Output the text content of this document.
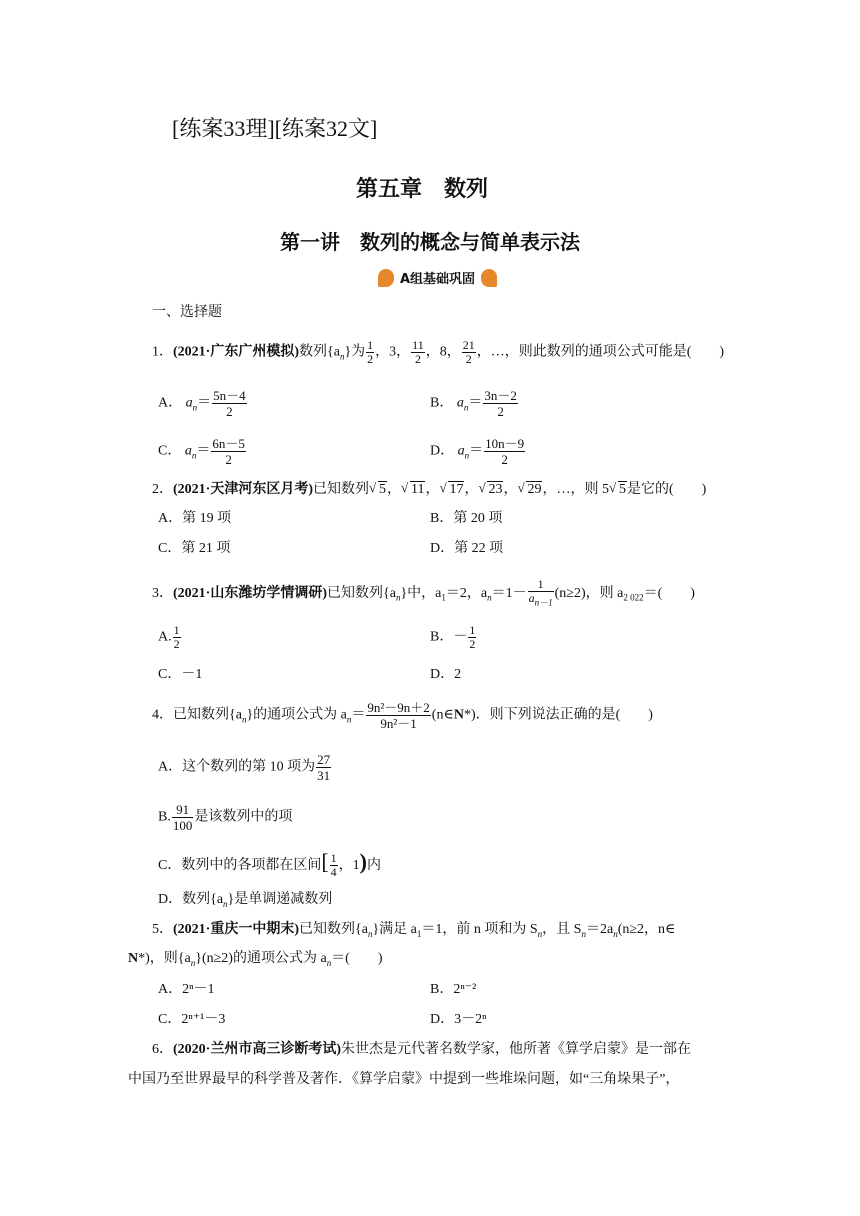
[练案33理][练案32文]
第五章　数列
第一讲　数列的概念与简单表示法
A组基础巩固
一、选择题
1．(2021·广东广州模拟)数列$\{a_n\}$为 $\frac{1}{2}$ ，3， $\frac{11}{2}$ ，8， $\frac{21}{2}$ ，…，则此数列的通项公式可能是(　　)
A． $a_n= \frac{5n-4}{2}$	B． $a_n= \frac{3n-2}{2}$
C． $a_n= \frac{6n-5}{2}$	D． $a_n= \frac{10n-9}{2}$
2．(2021·天津河东区月考)已知数列 √ 5， √ 11， √ 17， √ 23， √ 29，…，则 5 √ 5是它的(　　)
A．第 19 项	B．第 20 项
C．第 21 项	D．第 22 项
3．(2021·山东潍坊学情调研)已知数列$\{a_n\}$中，$a_1=2$，$a_n=1- \frac{1}{a_{n-1}} (n\ge 2)$，则 $a_{2 022}=$(　　)
A. $\frac{1}{2}$	B．－ $\frac{1}{2}$
C．－1	D．2
4．已知数列$\{a_n\}$的通项公式为 $a_n= \frac{\text{9n²－9n＋2}}{\text{9n²－1}}$ (n∈N*)．则下列说法正确的是(　　)
A．这个数列的第 10 项为 $\frac{27}{31}$
B. $\frac{91}{100}$ 是该数列中的项
C．数列中的各项都在区间[ $\frac{1}{4}$ ，1)内
D．数列$\{a_n\}$是单调递减数列
5．(2021·重庆一中期末)已知数列$\{a_n\}$满足 $a_1=1$，前 n 项和为 $S_n$，且 $S_n=2a_n(n\ge 2$，n∈
N*)，则$\{a_n\}(n\ge 2)$的通项公式为 $a_n=$(　　)
A．2ⁿ－1	B．2ⁿ⁻²
C．2ⁿ⁺¹－3	D．3－2ⁿ
6．(2020·兰州市高三诊断考试)朱世杰是元代著名数学家，他所著《算学启蒙》是一部在
中国乃至世界最早的科学普及著作．《算学启蒙》中提到一些堆垛问题，如“三角垛果子”，
